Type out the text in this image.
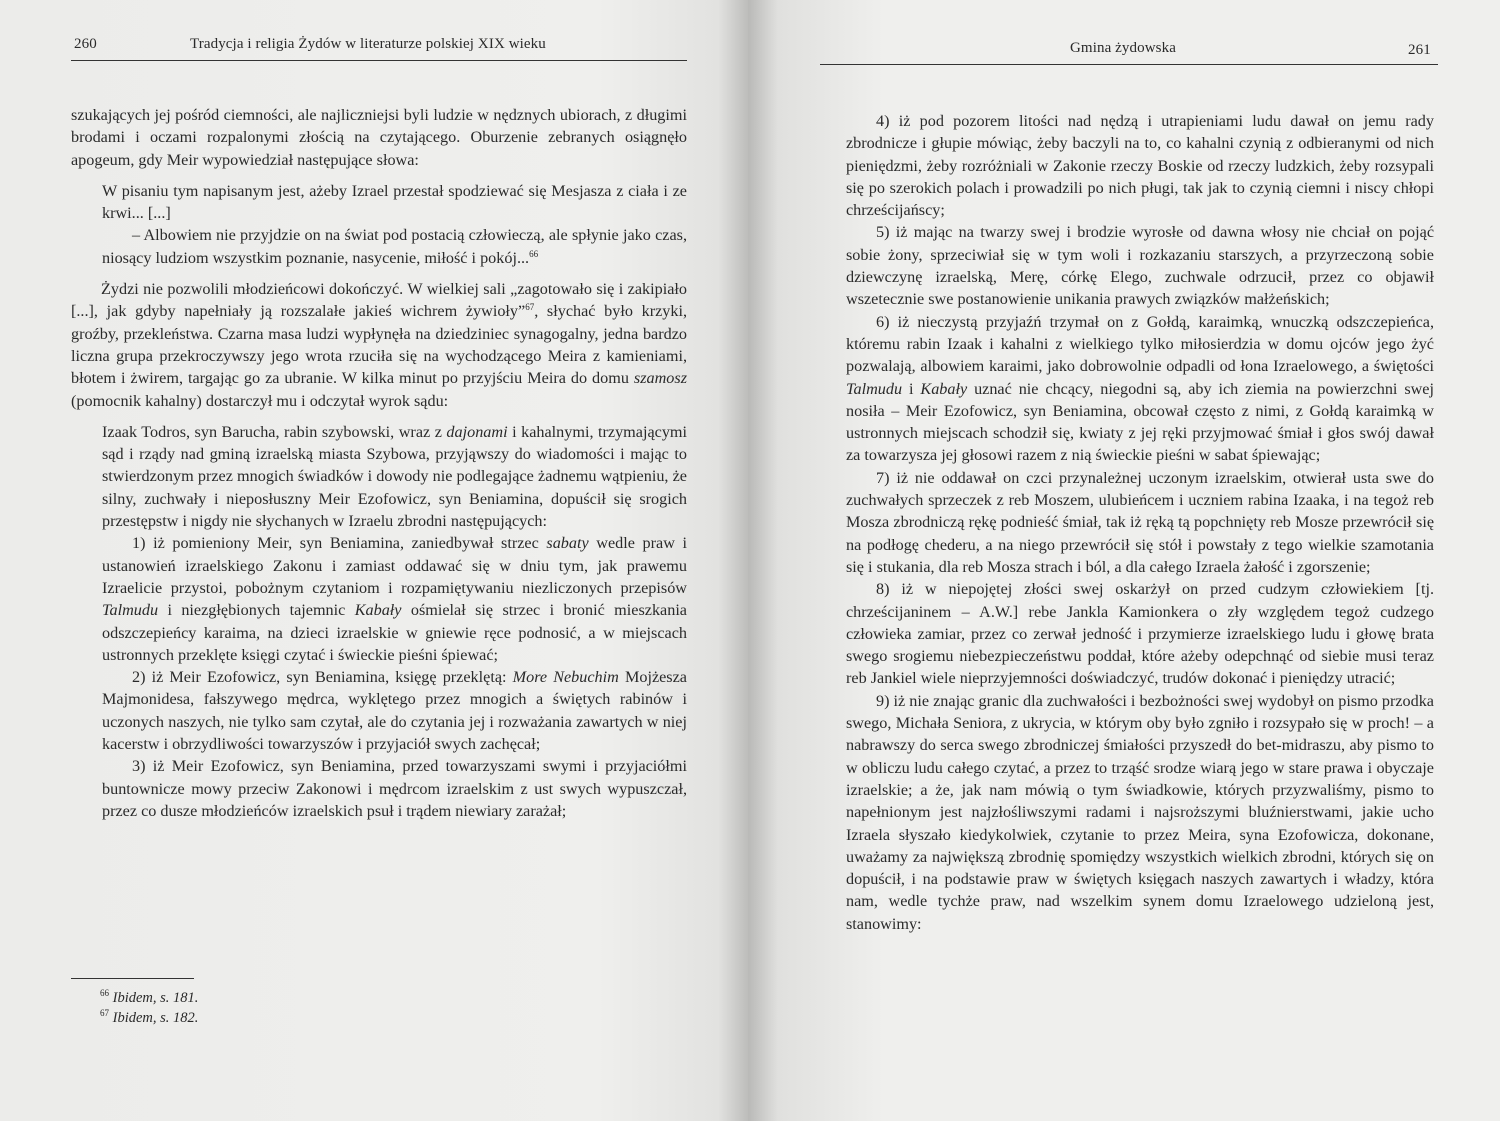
260	Tradycja i religia Żydów w literaturze polskiej XIX wieku

szukających jej pośród ciemności, ale najliczniejsi byli ludzie w nędznych ubiorach, z długimi brodami i oczami rozpalonymi złością na czytającego. Oburzenie zebranych osiągnęło apogeum, gdy Meir wypowiedział następujące słowa:

W pisaniu tym napisanym jest, ażeby Izrael przestał spodziewać się Mesjasza z ciała i ze krwi... [...]

– Albowiem nie przyjdzie on na świat pod postacią człowieczą, ale spłynie jako czas, niosący ludziom wszystkim poznanie, nasycenie, miłość i pokój...$^{66}$

Żydzi nie pozwolili młodzieńcowi dokończyć. W wielkiej sali „zagotowało się i zakipiało [...], jak gdyby napełniały ją rozszalałe jakieś wichrem żywioły”$^{67}$, słychać było krzyki, groźby, przekleństwa. Czarna masa ludzi wypłynęła na dziedziniec synagogalny, jedna bardzo liczna grupa przekroczywszy jego wrota rzuciła się na wychodzącego Meira z kamieniami, błotem i żwirem, targając go za ubranie. W kilka minut po przyjściu Meira do domu szamosz (pomocnik kahalny) dostarczył mu i odczytał wyrok sądu:

Izaak Todros, syn Barucha, rabin szybowski, wraz z dajonami i kahalnymi, trzymającymi sąd i rządy nad gminą izraelską miasta Szybowa, przyjąwszy do wiadomości i mając to stwierdzonym przez mnogich świadków i dowody nie podlegające żadnemu wątpieniu, że silny, zuchwały i nieposłuszny Meir Ezofowicz, syn Beniamina, dopuścił się srogich przestępstw i nigdy nie słychanych w Izraelu zbrodni następujących:

1) iż pomieniony Meir, syn Beniamina, zaniedbywał strzec sabaty wedle praw i ustanowień izraelskiego Zakonu i zamiast oddawać się w dniu tym, jak prawemu Izraelicie przystoi, pobożnym czytaniom i rozpamiętywaniu niezliczonych przepisów Talmudu i niezgłębionych tajemnic Kabały ośmielał się strzec i bronić mieszkania odszczepieńcy karaima, na dzieci izraelskie w gniewie ręce podnosić, a w miejscach ustronnych przeklęte księgi czytać i świeckie pieśni śpiewać;

2) iż Meir Ezofowicz, syn Beniamina, księgę przeklętą: More Nebuchim Mojżesza Majmonidesa, fałszywego mędrca, wyklętego przez mnogich a świętych rabinów i uczonych naszych, nie tylko sam czytał, ale do czytania jej i rozważania zawartych w niej kacerstw i obrzydliwości towarzyszów i przyjaciół swych zachęcał;

3) iż Meir Ezofowicz, syn Beniamina, przed towarzyszami swymi i przyjaciółmi buntownicze mowy przeciw Zakonowi i mędrcom izraelskim z ust swych wypuszczał, przez co dusze młodzieńców izraelskich psuł i trądem niewiary zarażał;

$^{66}$ Ibidem, s. 181.
$^{67}$ Ibidem, s. 182.
Gmina żydowska	261

4) iż pod pozorem litości nad nędzą i utrapieniami ludu dawał on jemu rady zbrodnicze i głupie mówiąc, żeby baczyli na to, co kahalni czynią z odbieranymi od nich pieniędzmi, żeby rozróżniali w Zakonie rzeczy Boskie od rzeczy ludzkich, żeby rozsypali się po szerokich polach i prowadzili po nich pługi, tak jak to czynią ciemni i niscy chłopi chrześcijańscy;

5) iż mając na twarzy swej i brodzie wyrosłe od dawna włosy nie chciał on pojąć sobie żony, sprzeciwiał się w tym woli i rozkazaniu starszych, a przyrzeczoną sobie dziewczynę izraelską, Merę, córkę Elego, zuchwale odrzucił, przez co objawił wszetecznie swe postanowienie unikania prawych związków małżeńskich;

6) iż nieczystą przyjaźń trzymał on z Gołdą, karaimką, wnuczką odszczepieńca, któremu rabin Izaak i kahalni z wielkiego tylko miłosierdzia w domu ojców jego żyć pozwalają, albowiem karaimi, jako dobrowolnie odpadli od łona Izraelowego, a świętości Talmudu i Kabały uznać nie chcący, niegodni są, aby ich ziemia na powierzchni swej nosiła – Meir Ezofowicz, syn Beniamina, obcował często z nimi, z Gołdą karaimką w ustronnych miejscach schodził się, kwiaty z jej ręki przyjmować śmiał i głos swój dawał za towarzysza jej głosowi razem z nią świeckie pieśni w sabat śpiewając;

7) iż nie oddawał on czci przynależnej uczonym izraelskim, otwierał usta swe do zuchwałych sprzeczek z reb Moszem, ulubieńcem i uczniem rabina Izaaka, i na tegoż reb Mosza zbrodniczą rękę podnieść śmiał, tak iż ręką tą popchnięty reb Mosze przewrócił się na podłogę chederu, a na niego przewrócił się stół i powstały z tego wielkie szamotania się i stukania, dla reb Mosza strach i ból, a dla całego Izraela żałość i zgorszenie;

8) iż w niepojętej złości swej oskarżył on przed cudzym człowiekiem [tj. chrześcijaninem – A.W.] rebe Jankla Kamionkera o zły względem tegoż cudzego człowieka zamiar, przez co zerwał jedność i przymierze izraelskiego ludu i głowę brata swego srogiemu niebezpieczeństwu poddał, które ażeby odepchnąć od siebie musi teraz reb Jankiel wiele nieprzyjemności doświadczyć, trudów dokonać i pieniędzy utracić;

9) iż nie znając granic dla zuchwałości i bezbożności swej wydobył on pismo przodka swego, Michała Seniora, z ukrycia, w którym oby było zgniło i rozsypało się w proch! – a nabrawszy do serca swego zbrodniczej śmiałości przyszedł do bet-midraszu, aby pismo to w obliczu ludu całego czytać, a przez to trząść srodze wiarą jego w stare prawa i obyczaje izraelskie; a że, jak nam mówią o tym świadkowie, których przyzwaliśmy, pismo to napełnionym jest najzłośliwszymi radami i najsroższymi bluźnierstwami, jakie ucho Izraela słyszało kiedykolwiek, czytanie to przez Meira, syna Ezofowicza, dokonane, uważamy za największą zbrodnię spomiędzy wszystkich wielkich zbrodni, których się on dopuścił, i na podstawie praw w świętych księgach naszych zawartych i władzy, która nam, wedle tychże praw, nad wszelkim synem domu Izraelowego udzieloną jest, stanowimy:
